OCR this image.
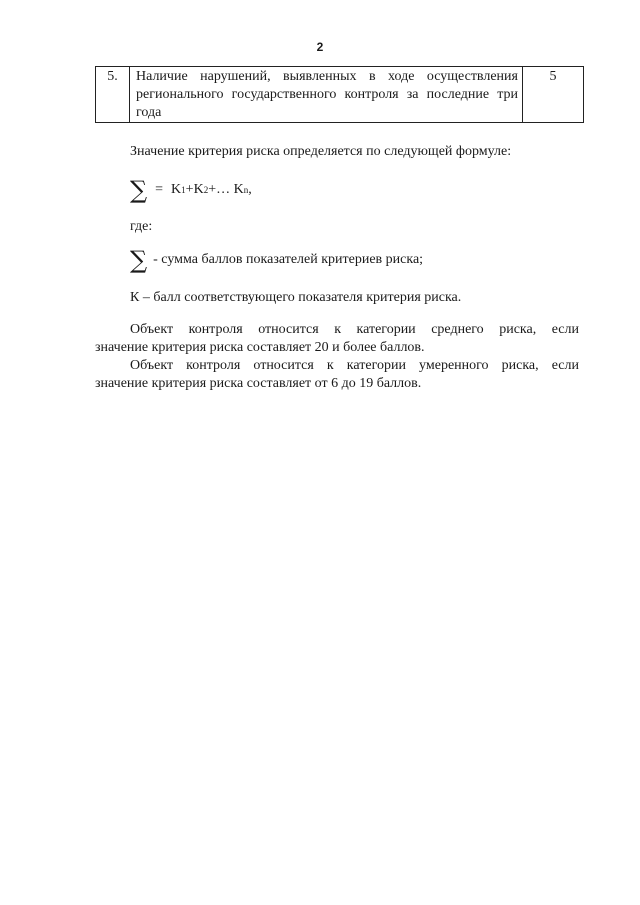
2
5.	Наличие нарушений, выявленных в ходе осуществления регионального государственного контроля за последние три года	5
Значение критерия риска определяется по следующей формуле:
∑ = K 1 +K 2 +… K n ,
где:
∑ - сумма баллов показателей критериев риска;
К – балл соответствующего показателя критерия риска.
Объект контроля относится к категории среднего риска, если
значение критерия риска составляет 20 и более баллов.
Объект контроля относится к категории умеренного риска, если
значение критерия риска составляет от 6 до 19 баллов.
